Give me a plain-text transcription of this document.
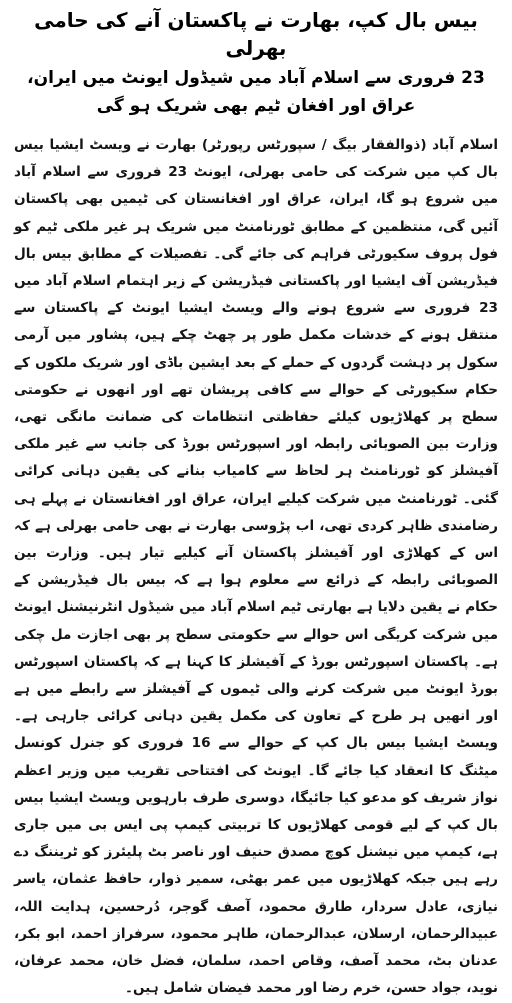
بیس بال کپ، بھارت نے پاکستان آنے کی حامی بھرلی
23 فروری سے اسلام آباد میں شیڈول ایونٹ میں ایران، عراق اور افغان ٹیم بھی شریک ہو گی

اسلام آباد (ذوالفقار بیگ / سپورٹس رپورٹر) بھارت نے ویسٹ ایشیا بیس بال کپ میں شرکت کی حامی بھرلی، ایونٹ 23 فروری سے اسلام آباد میں شروع ہو گا، ایران، عراق اور افغانستان کی ٹیمیں بھی پاکستان آئیں گی، منتظمین کے مطابق ٹورنامنٹ میں شریک ہر غیر ملکی ٹیم کو فول پروف سکیورٹی فراہم کی جائے گی۔ تفصیلات کے مطابق بیس بال فیڈریشن آف ایشیا اور پاکستانی فیڈریشن کے زیر اہتمام اسلام آباد میں 23 فروری سے شروع ہونے والے ویسٹ ایشیا ایونٹ کے پاکستان سے منتقل ہونے کے خدشات مکمل طور پر چھٹ چکے ہیں، پشاور میں آرمی سکول پر دہشت گردوں کے حملے کے بعد ایشین باڈی اور شریک ملکوں کے حکام سکیورٹی کے حوالے سے کافی پریشان تھے اور انھوں نے حکومتی سطح پر کھلاڑیوں کیلئے حفاظتی انتظامات کی ضمانت مانگی تھی، وزارت بین الصوبائی رابطہ اور اسپورٹس بورڈ کی جانب سے غیر ملکی آفیشلز کو ٹورنامنٹ ہر لحاظ سے کامیاب بنانے کی یقین دہانی کرائی گئی۔ ٹورنامنٹ میں شرکت کیلیے ایران، عراق اور افغانستان نے پہلے ہی رضامندی ظاہر کردی تھی، اب پڑوسی بھارت نے بھی حامی بھرلی ہے کہ اس کے کھلاڑی اور آفیشلز پاکستان آنے کیلیے تیار ہیں۔ وزارت بین الصوبائی رابطہ کے ذرائع سے معلوم ہوا ہے کہ بیس بال فیڈریشن کے حکام نے یقین دلایا ہے بھارتی ٹیم اسلام آباد میں شیڈول انٹرنیشنل ایونٹ میں شرکت کریگی اس حوالے سے حکومتی سطح پر بھی اجازت مل چکی ہے۔ پاکستان اسپورٹس بورڈ کے آفیشلز کا کہنا ہے کہ پاکستان اسپورٹس بورڈ ایونٹ میں شرکت کرنے والی ٹیموں کے آفیشلز سے رابطے میں ہے اور انھیں ہر طرح کے تعاون کی مکمل یقین دہانی کرائی جارہی ہے۔ ویسٹ ایشیا بیس بال کپ کے حوالے سے 16 فروری کو جنرل کونسل میٹنگ کا انعقاد کیا جائے گا۔ ایونٹ کی افتتاحی تقریب میں وزیر اعظم نواز شریف کو مدعو کیا جائیگا، دوسری طرف بارہویں ویسٹ ایشیا بیس بال کپ کے لیے قومی کھلاڑیوں کا تربیتی کیمپ پی ایس بی میں جاری ہے، کیمپ میں نیشنل کوچ مصدق حنیف اور ناصر بٹ پلیئرز کو ٹریننگ دے رہے ہیں جبکہ کھلاڑیوں میں عمر بھٹی، سمیر ذوار، حافظ عثمان، یاسر نیازی، عادل سردار، طارق محمود، آصف گوجر، دُرحسین، ہدایت اللہ، عبیدالرحمان، ارسلان، عبدالرحمان، طاہر محمود، سرفراز احمد، ابو بکر، عدنان بٹ، محمد آصف، وقاص احمد، سلمان، فضل خان، محمد عرفان، نوید، جواد حسن، خرم رضا اور محمد فیضان شامل ہیں۔
